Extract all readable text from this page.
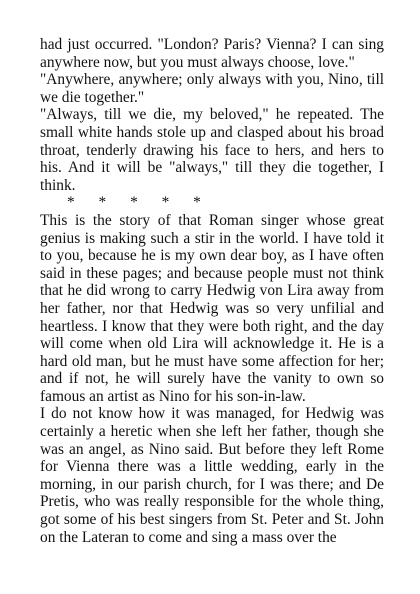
had just occurred. "London? Paris? Vienna? I can sing anywhere now, but you must always choose, love."

"Anywhere, anywhere; only always with you, Nino, till we die together."

"Always, till we die, my beloved," he repeated. The small white hands stole up and clasped about his broad throat, tenderly drawing his face to hers, and hers to his. And it will be "always," till they die together, I think.

* * * * *

This is the story of that Roman singer whose great genius is making such a stir in the world. I have told it to you, because he is my own dear boy, as I have often said in these pages; and because people must not think that he did wrong to carry Hedwig von Lira away from her father, nor that Hedwig was so very unfilial and heartless. I know that they were both right, and the day will come when old Lira will acknowledge it. He is a hard old man, but he must have some affection for her; and if not, he will surely have the vanity to own so famous an artist as Nino for his son-in-law.

I do not know how it was managed, for Hedwig was certainly a heretic when she left her father, though she was an angel, as Nino said. But before they left Rome for Vienna there was a little wedding, early in the morning, in our parish church, for I was there; and De Pretis, who was really responsible for the whole thing, got some of his best singers from St. Peter and St. John on the Lateran to come and sing a mass over the
